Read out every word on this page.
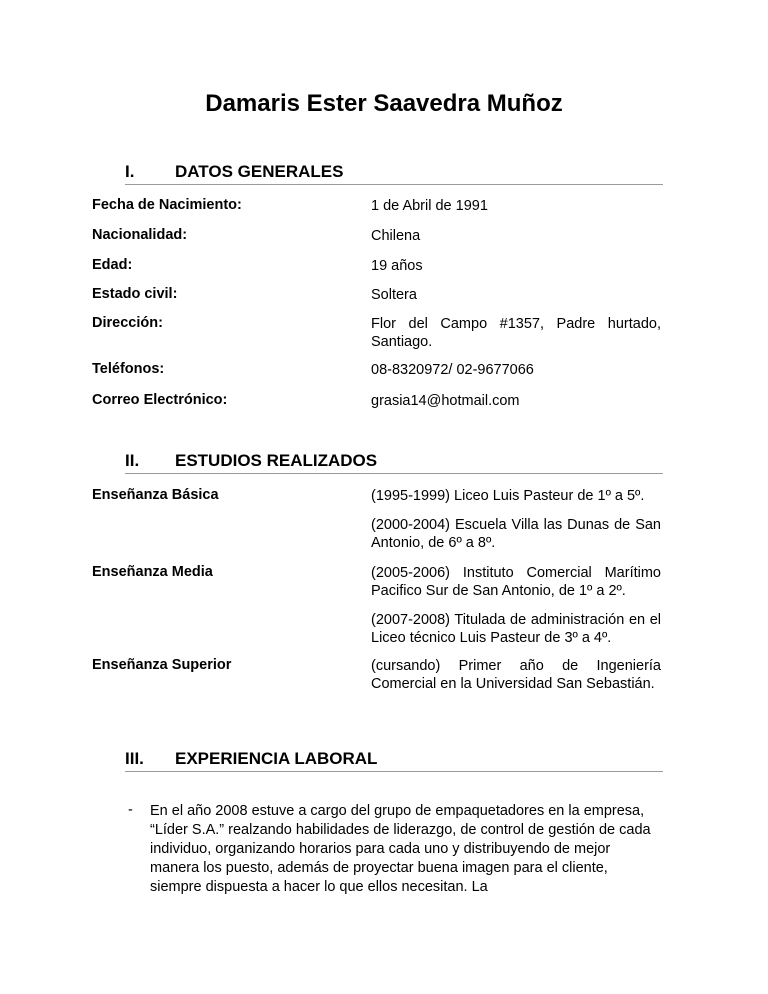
Damaris Ester Saavedra Muñoz
I. DATOS GENERALES
Fecha de Nacimiento:	1 de Abril de 1991
Nacionalidad:	Chilena
Edad:	19 años
Estado civil:	Soltera
Dirección:	Flor del Campo #1357, Padre hurtado, Santiago.
Teléfonos:	08-8320972/ 02-9677066
Correo Electrónico:	grasia14@hotmail.com
II. ESTUDIOS REALIZADOS
Enseñanza Básica	(1995-1999) Liceo Luis Pasteur de 1º a 5º.
(2000-2004) Escuela Villa las Dunas de San Antonio, de 6º a 8º.
Enseñanza Media	(2005-2006) Instituto Comercial Marítimo Pacifico Sur de San Antonio, de 1º a 2º.
(2007-2008) Titulada de administración en el Liceo técnico Luis Pasteur de 3º a 4º.
Enseñanza Superior	(cursando) Primer año de Ingeniería Comercial en la Universidad San Sebastián.
III. EXPERIENCIA LABORAL
- En el año 2008 estuve a cargo del grupo de empaquetadores en la empresa, “Líder S.A.” realzando habilidades de liderazgo, de control de gestión de cada individuo, organizando horarios para cada uno y distribuyendo de mejor manera los puesto, además de proyectar buena imagen para el cliente, siempre dispuesta a hacer lo que ellos necesitan. La
